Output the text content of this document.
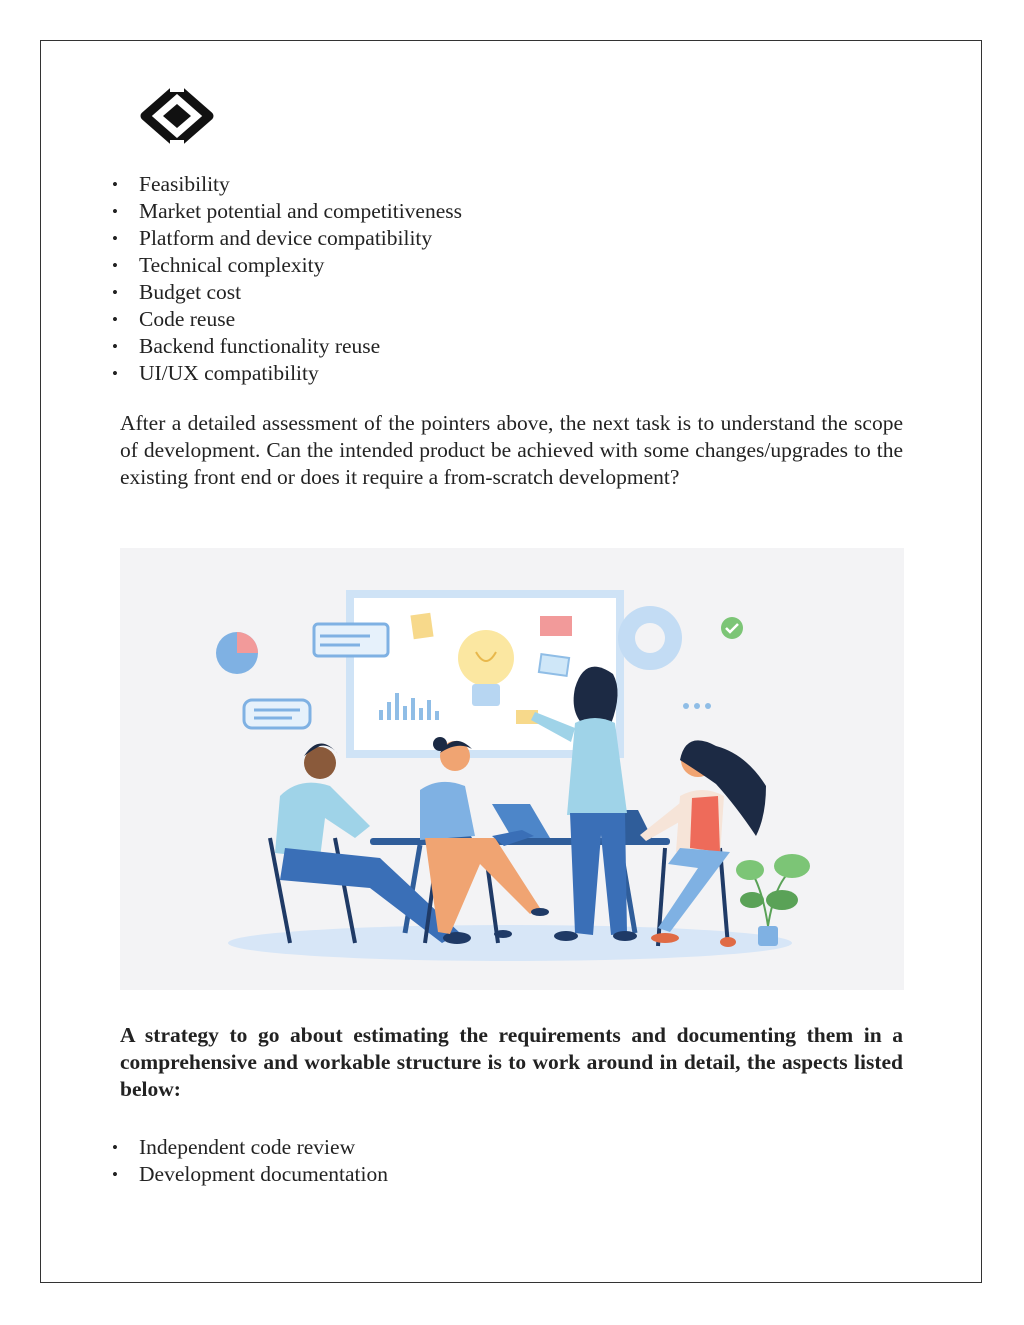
• Feasibility
• Market potential and competitiveness
• Platform and device compatibility
• Technical complexity
• Budget cost
• Code reuse
• Backend functionality reuse
• UI/UX compatibility

After a detailed assessment of the pointers above, the next task is to understand the scope of development. Can the intended product be achieved with some changes/upgrades to the existing front end or does it require a from-scratch development?

A strategy to go about estimating the requirements and documenting them in a comprehensive and workable structure is to work around in detail, the aspects listed below:

• Independent code review
• Development documentation
